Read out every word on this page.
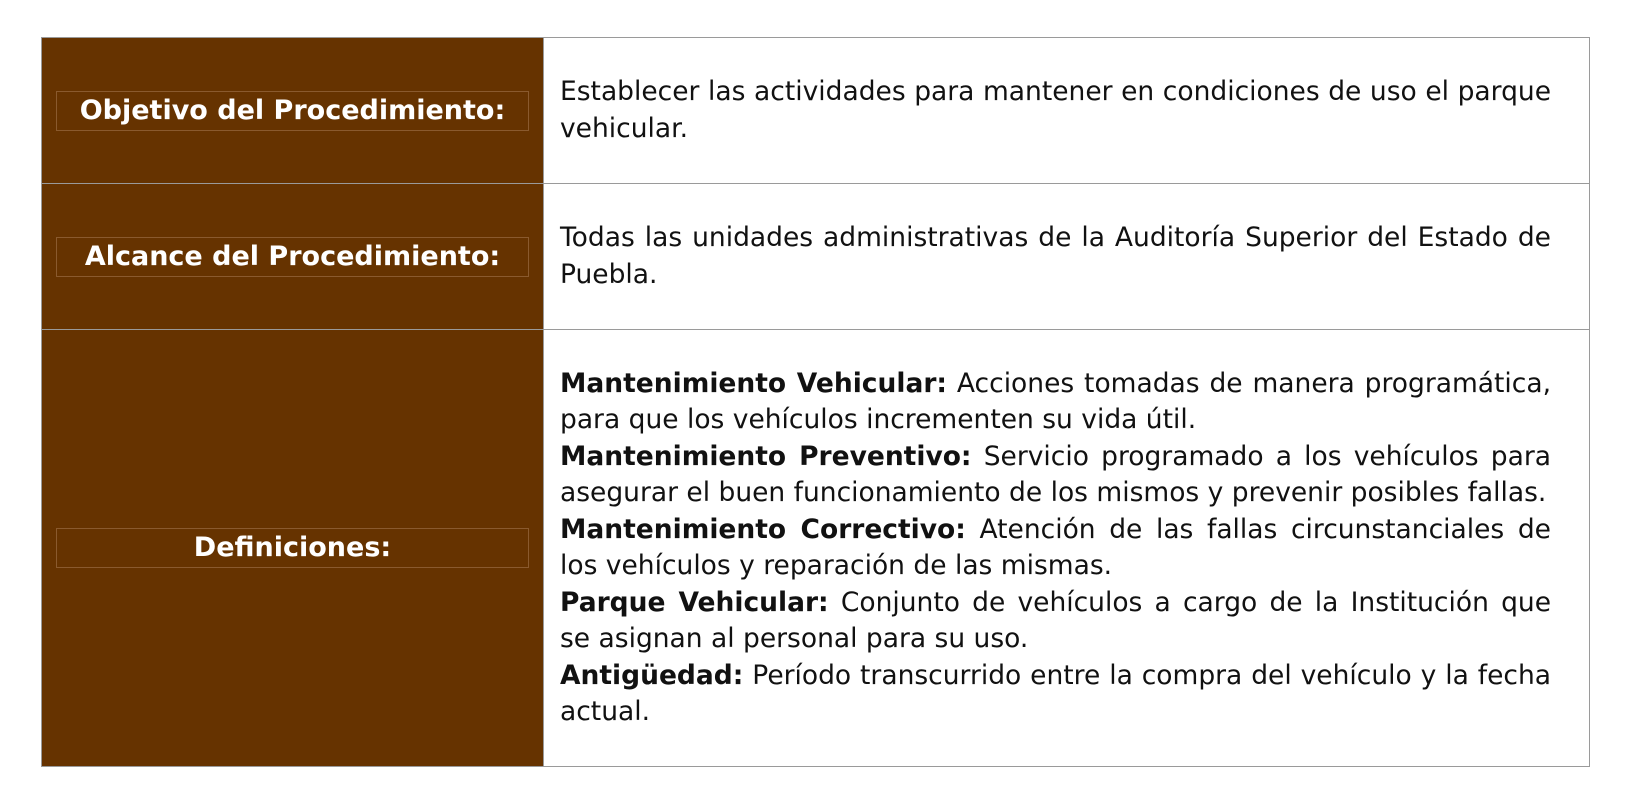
Objetivo del Procedimiento:	Establecer las actividades para mantener en condiciones de uso el parque vehicular.

Alcance del Procedimiento:	Todas las unidades administrativas de la Auditoría Superior del Estado de Puebla.

Definiciones:	Mantenimiento Vehicular: Acciones tomadas de manera programática, para que los vehículos incrementen su vida útil.

Mantenimiento Preventivo: Servicio programado a los vehículos para asegurar el buen funcionamiento de los mismos y prevenir posibles fallas.

Mantenimiento Correctivo: Atención de las fallas circunstanciales de los vehículos y reparación de las mismas.

Parque Vehicular: Conjunto de vehículos a cargo de la Institución que se asignan al personal para su uso.

Antigüedad: Período transcurrido entre la compra del vehículo y la fecha actual.
